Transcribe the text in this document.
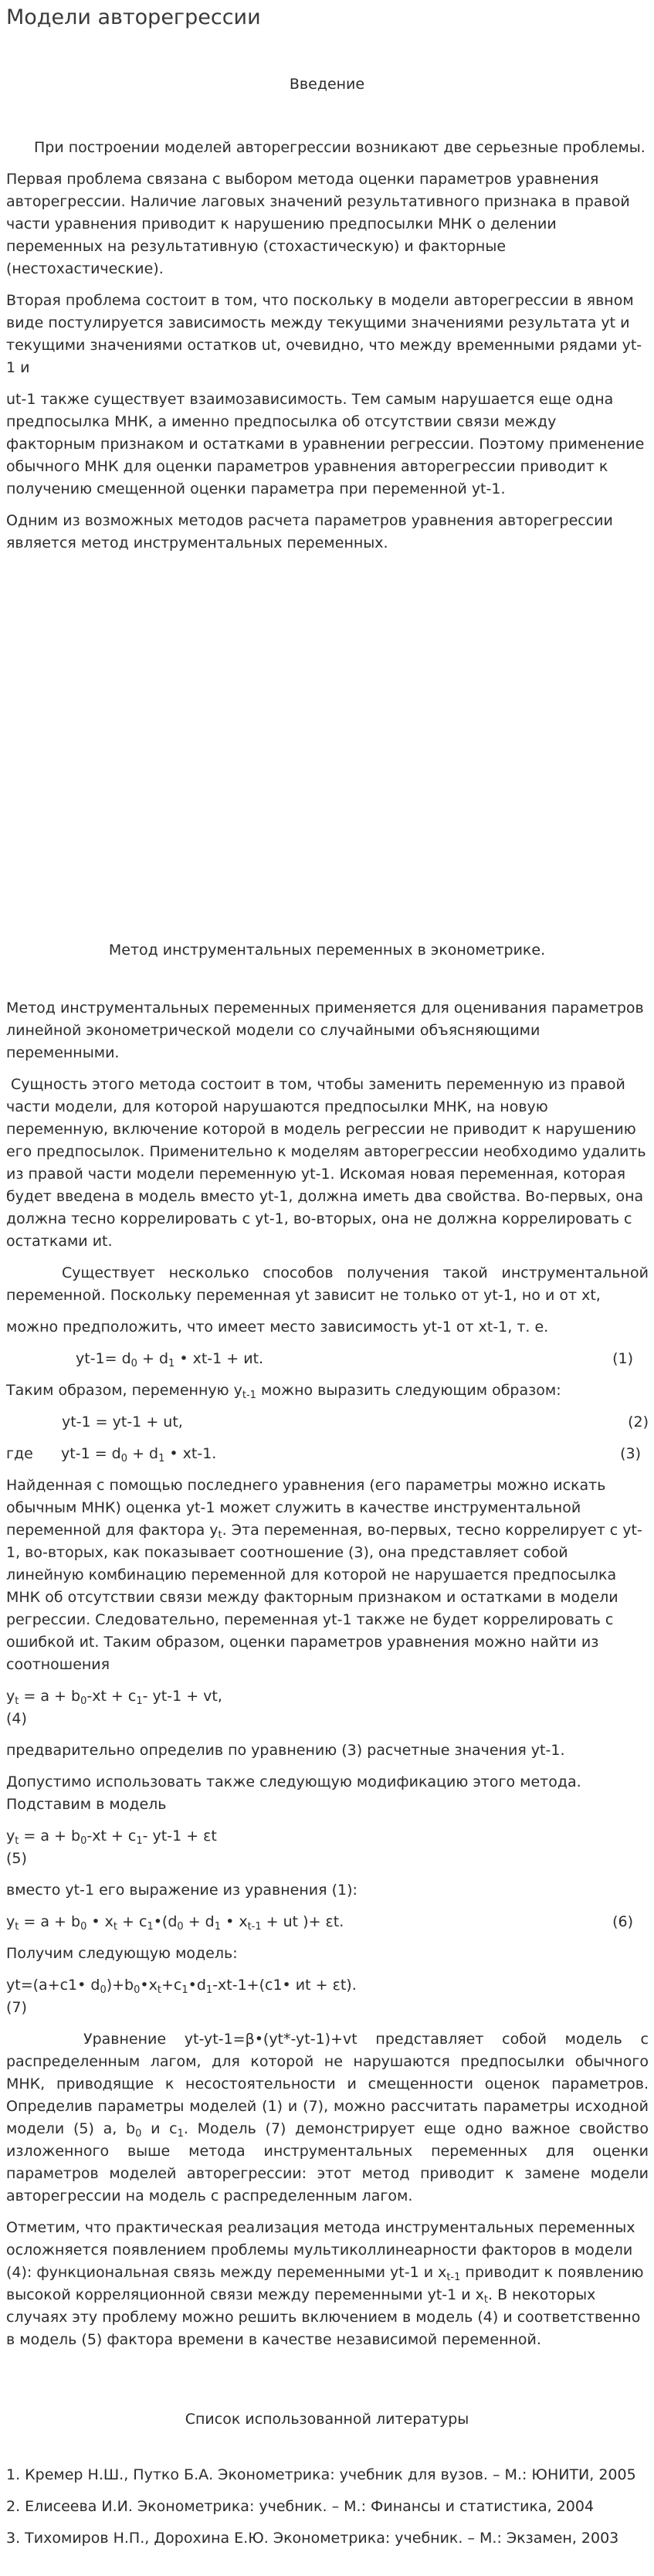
Модели авторегрессии
Введение

При построении моделей авторегрессии возникают две серьезные проблемы.

Первая проблема связана с выбором метода оценки параметров уравнения авторегрессии. Наличие лаговых значений результативного признака в правой части уравнения приводит к нарушению предпосылки МНК о делении переменных на результативную (стохастическую) и факторные (нестохастические).

Вторая проблема состоит в том, что поскольку в модели авторегрессии в явном виде постулируется зависимость между текущими значениями результата yt и текущими значениями остатков ut, очевидно, что между временными рядами yt-1 и

ut-1 также существует взаимозависимость. Тем самым нарушается еще одна предпосылка МНК, а именно предпосылка об отсутствии связи между факторным признаком и остатками в уравнении регрессии. Поэтому применение обычного МНК для оценки параметров уравнения авторегрессии приводит к получению смещенной оценки параметра при переменной yt-1.

Одним из возможных методов расчета параметров уравнения авторегрессии является метод инструментальных переменных.

Метод инструментальных переменных в эконометрике.

Метод инструментальных переменных применяется для оценивания параметров линейной эконометрической модели со случайными объясняющими переменными.

Сущность этого метода состоит в том, чтобы заменить переменную из правой части модели, для которой нарушаются предпосылки МНК, на новую переменную, включение которой в модель регрессии не приводит к нарушению его предпосылок. Применительно к моделям авторегрессии необходимо удалить из правой части модели переменную yt-1. Искомая новая переменная, которая будет введена в модель вместо yt-1, должна иметь два свойства. Во-первых, она должна тесно коррелировать с yt-1, во-вторых, она не должна коррелировать с остатками иt.

Существует несколько способов получения такой инструментальной переменной. Поскольку переменная yt зависит не только от yt-1, но и от xt,

можно предположить, что имеет место зависимость yt-1 от xt-1, т. е.

$yt-1= d_0 + d_1$ • xt-1 + иt.	(1)

Таким образом, переменную $y_{t-1}$ можно выразить следующим образом:

yt-1 = yt-1 + ut,	(2)
где      $yt-1 = d_0 + d_1$ • xt-1.	(3)

Найденная с помощью последнего уравнения (его параметры можно искать обычным МНК) оценка yt-1 может служить в качестве инструментальной переменной для фактора $y_t$. Эта переменная, во-первых, тесно коррелирует с yt-1, во-вторых, как показывает соотношение (3), она представляет собой линейную комбинацию переменной для которой не нарушается предпосылка МНК об отсутствии связи между факторным признаком и остатками в модели регрессии. Следовательно, переменная yt-1 также не будет коррелировать с ошибкой иt. Таким образом, оценки параметров уравнения можно найти из соотношения

$y_t = a + b_0-xt + c_1-$ yt-1 + vt,
(4)

предварительно определив по уравнению (3) расчетные значения yt-1.

Допустимо использовать также следующую модификацию этого метода. Подставим в модель

$y_t = a + b_0-xt + c_1-$ yt-1 + εt
(5)

вместо yt-1 его выражение из уравнения (1):

$y_t = a + b_0$ • $x_t$ + $c_1•(d_0 + d_1$ • $x_{t-1}$ + ut )+ εt.	(6)

Получим следующую модель:

yt=(a+c1• $d_0)+b_0•x_t+c_1•d_1-xt-1+(c1•$ иt + εt).
(7)

Уравнение yt-yt-1=β•(yt*-yt-1)+vt представляет собой модель с распределенным лагом, для которой не нарушаются предпосылки обычного МНК, приводящие к несостоятельности и смещенности оценок параметров. Определив параметры моделей (1) и (7), можно рассчитать параметры исходной модели (5) a, $b_0$ и $c_1$. Модель (7) демонстрирует еще одно важное свойство изложенного выше метода инструментальных переменных для оценки параметров моделей авторегрессии: этот метод приводит к замене модели авторегрессии на модель с распределенным лагом.

Отметим, что практическая реализация метода инструментальных переменных осложняется появлением проблемы мультиколлинеарности факторов в модели (4): функциональная связь между переменными yt-1 и $x_{t-1}$ приводит к появлению высокой корреляционной связи между переменными yt-1 и $x_t$. В некоторых случаях эту проблему можно решить включением в модель (4) и соответственно в модель (5) фактора времени в качестве независимой переменной.

Список использованной литературы
1. Кремер Н.Ш., Путко Б.А. Эконометрика: учебник для вузов. – М.: ЮНИТИ, 2005
2. Елисеева И.И. Эконометрика: учебник. – М.: Финансы и статистика, 2004
3. Тихомиров Н.П., Дорохина Е.Ю. Эконометрика: учебник. – М.: Экзамен, 2003
